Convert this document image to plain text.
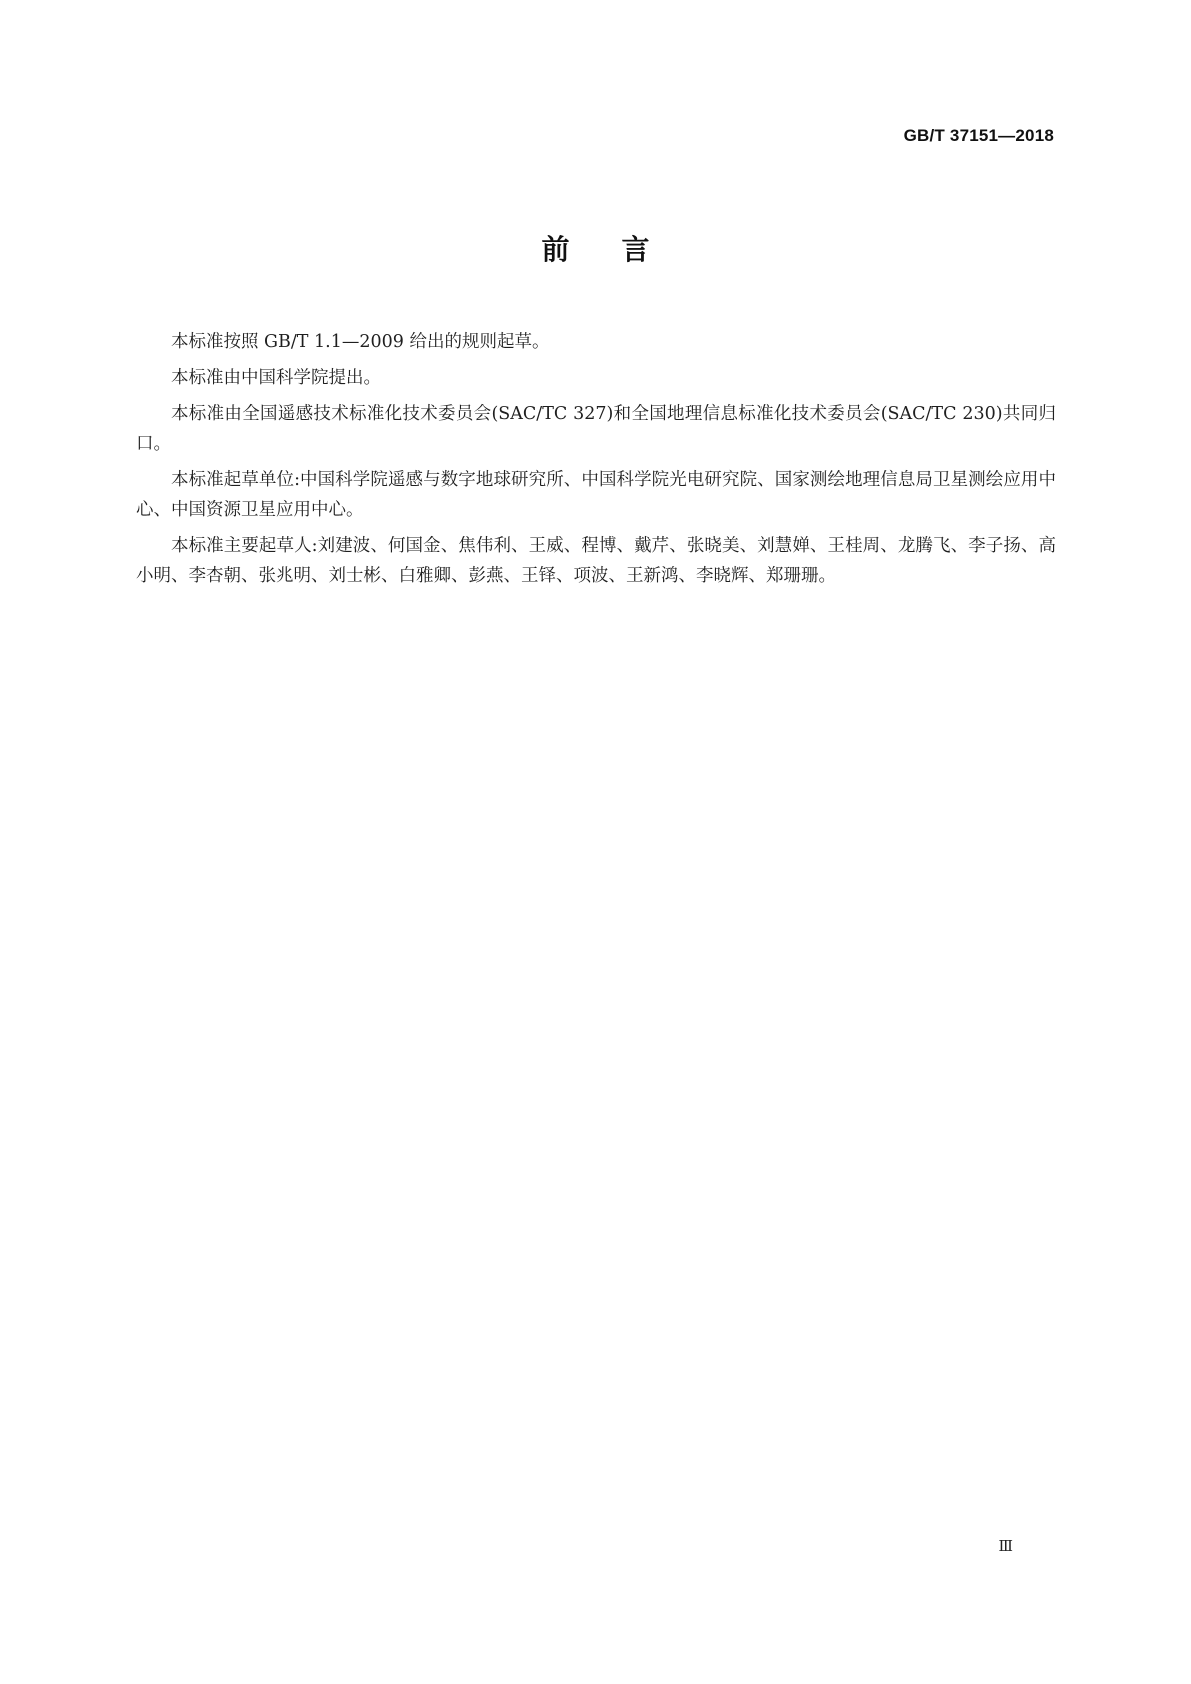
GB/T 37151—2018
前言

本标准按照 GB/T 1.1—2009 给出的规则起草。

本标准由中国科学院提出。

本标准由全国遥感技术标准化技术委员会(SAC/TC 327)和全国地理信息标准化技术委员会(SAC/TC 230)共同归口。

本标准起草单位:中国科学院遥感与数字地球研究所、中国科学院光电研究院、国家测绘地理信息局卫星测绘应用中心、中国资源卫星应用中心。

本标准主要起草人:刘建波、何国金、焦伟利、王威、程博、戴芹、张晓美、刘慧婵、王桂周、龙腾飞、李子扬、高小明、李杏朝、张兆明、刘士彬、白雅卿、彭燕、王铎、项波、王新鸿、李晓辉、郑珊珊。

Ⅲ
